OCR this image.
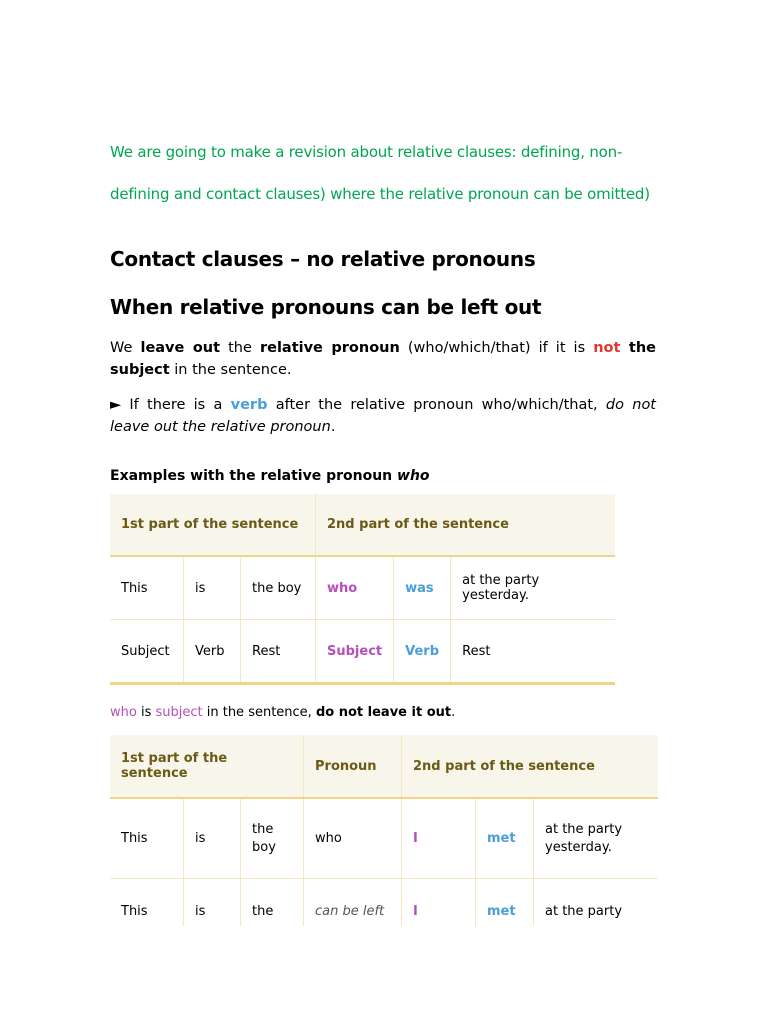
We are going to make a revision about relative clauses: defining, non-

defining and contact clauses) where the relative pronoun can be omitted)

Contact clauses – no relative pronouns
When relative pronouns can be left out
We leave out the relative pronoun (who/which/that) if it is not the subject in the sentence.
► If there is a verb after the relative pronoun who/which/that, do not leave out the relative pronoun.
Examples with the relative pronoun who
1st part of the sentence			2nd part of the sentence		
This	is	the boy	who	was	at the party yesterday.
Subject	Verb	Rest	Subject	Verb	Rest
who is subject in the sentence, do not leave it out.
1st part of the sentence			Pronoun	2nd part of the sentence		
This	is	the boy	who	I	met	at the party yesterday.
This	is	the	can be left	I	met	at the party
